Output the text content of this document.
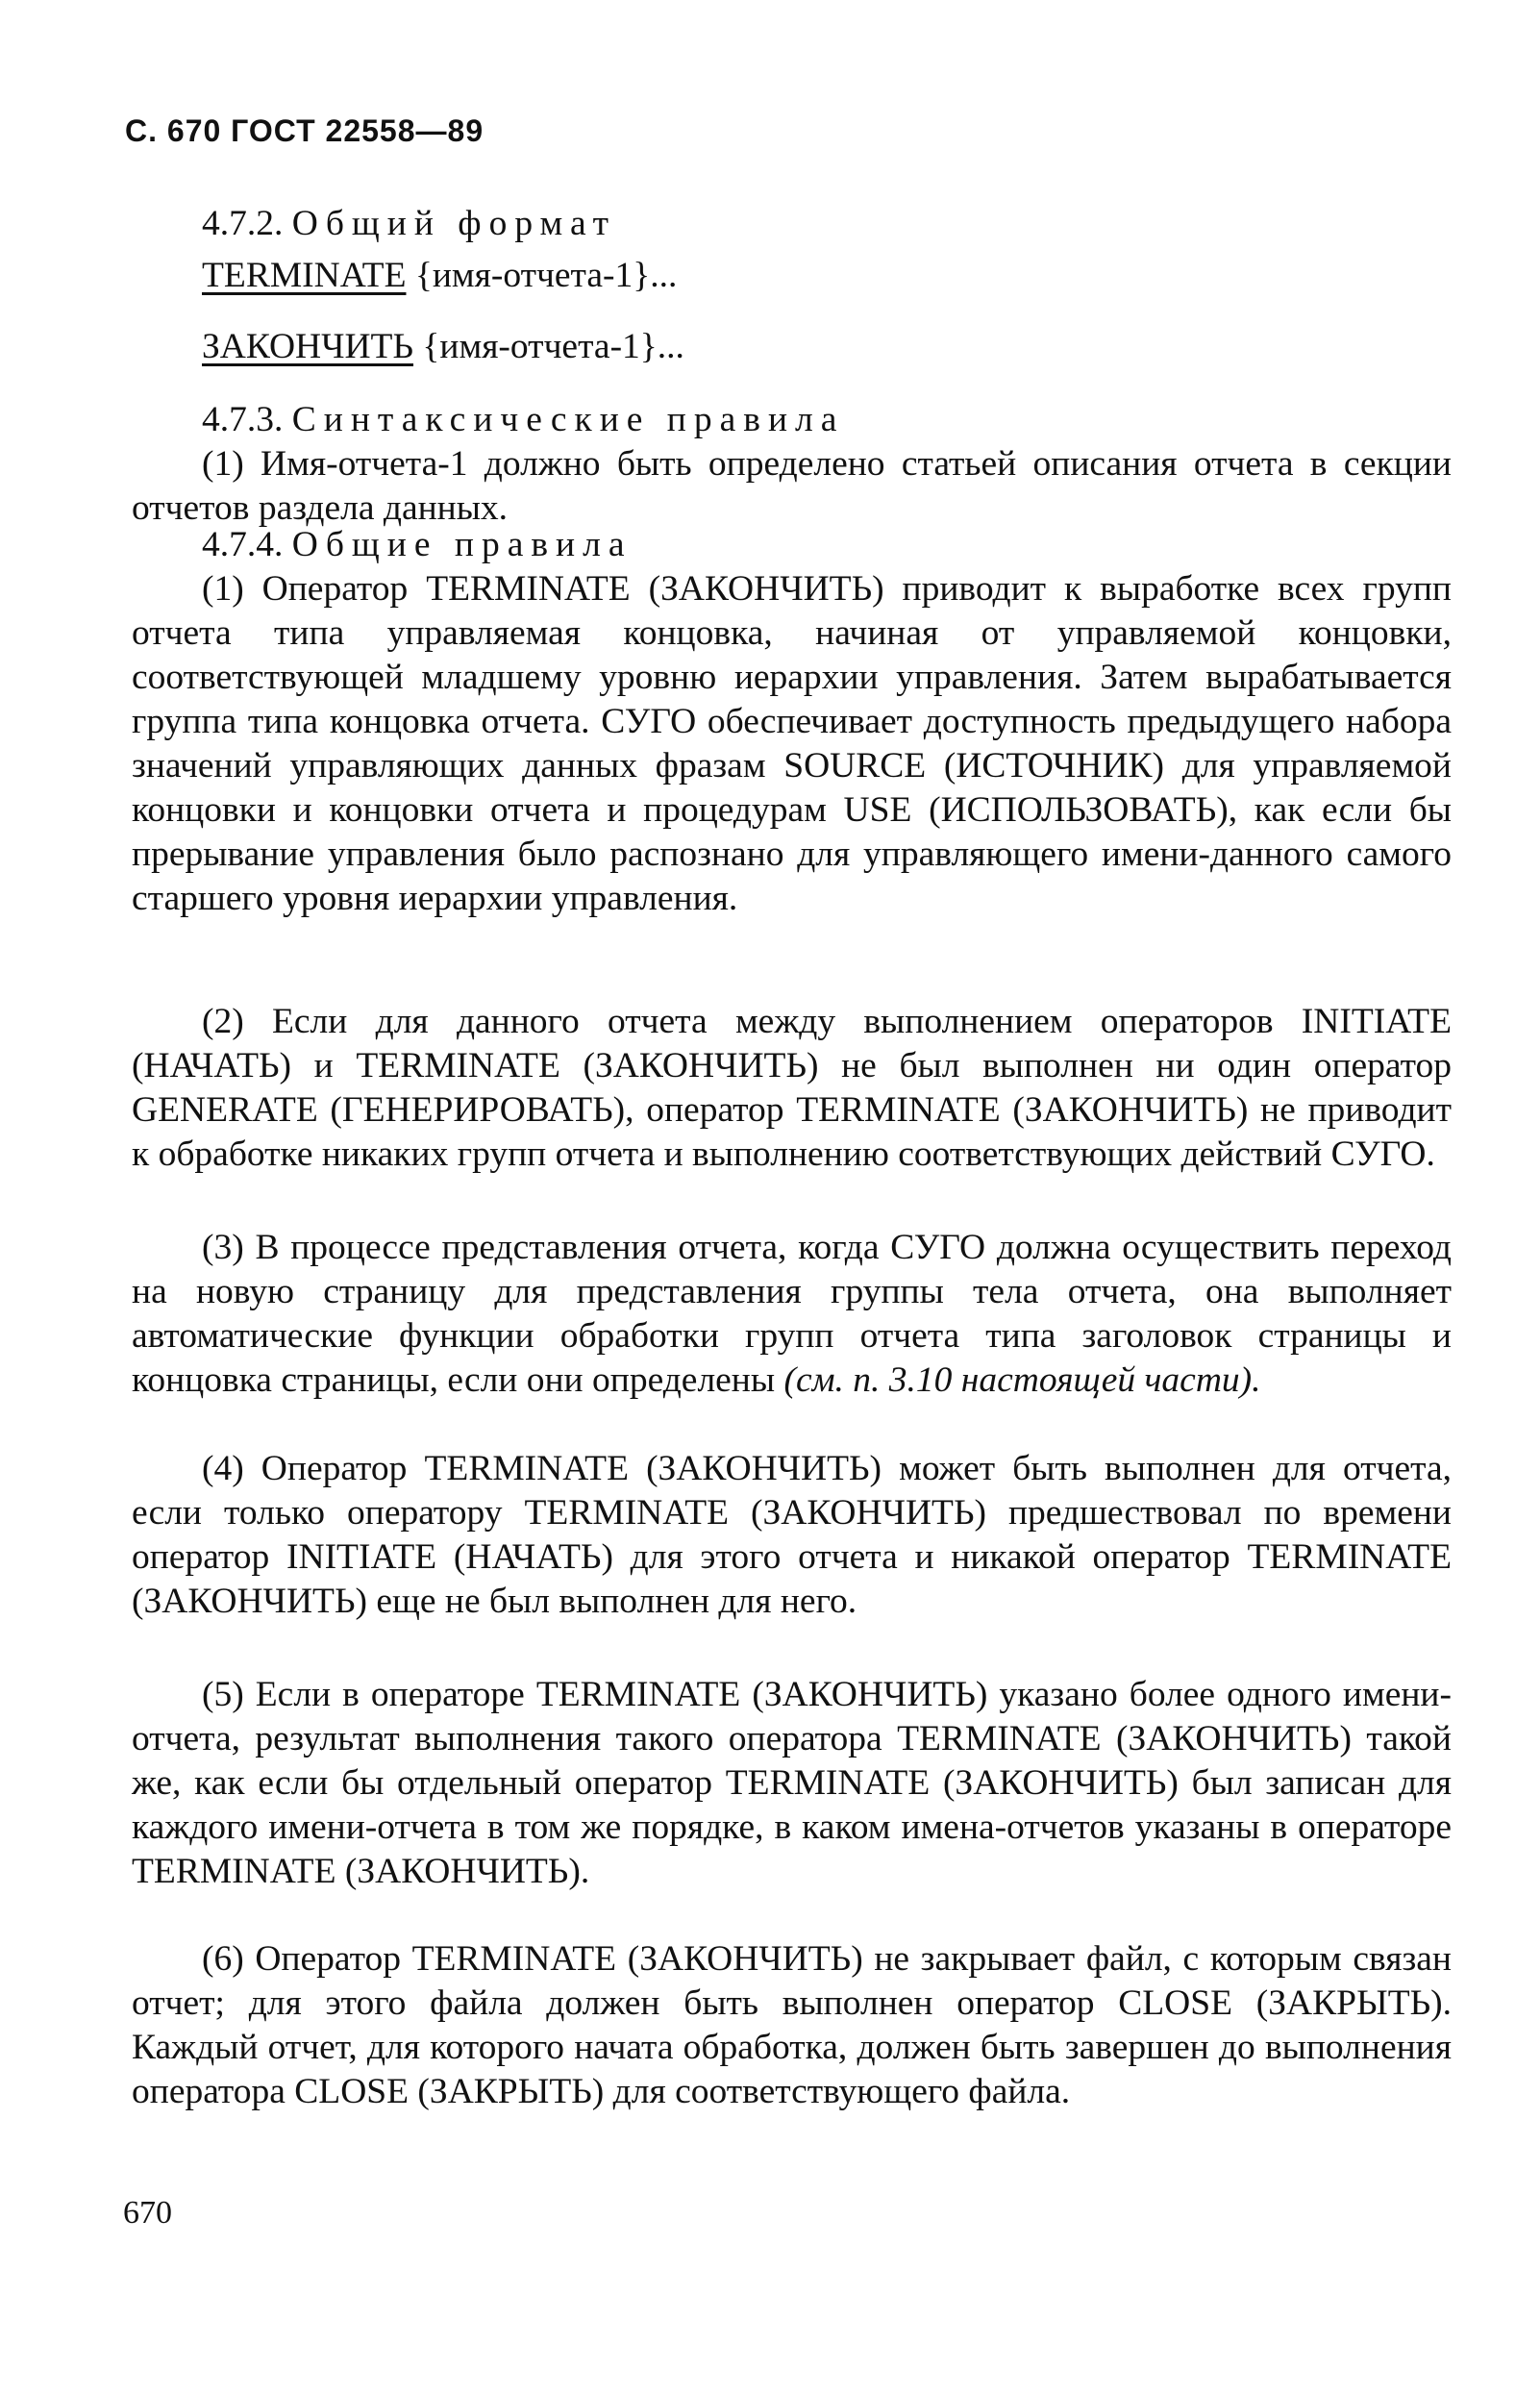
С. 670 ГОСТ 22558—89

4.7.2. Общий формат

TERMINATE {имя-отчета-1}...
ЗАКОНЧИТЬ {имя-отчета-1}...

4.7.3. Синтаксические правила

(1) Имя-отчета-1 должно быть определено статьей описания отчета в секции отчетов раздела данных.

4.7.4. Общие правила

(1) Оператор TERMINATE (ЗАКОНЧИТЬ) приводит к выработке всех групп отчета типа управляемая концовка, начиная от управляемой концовки, соответствующей младшему уровню иерархии управления. Затем вырабатывается группа типа концовка отчета. СУГО обеспечивает доступность предыдущего набора значений управляющих данных фразам SOURCE (ИСТОЧНИК) для управляемой концовки и концовки отчета и процедурам USE (ИСПОЛЬЗОВАТЬ), как если бы прерывание управления было распознано для управляющего имени-данного самого старшего уровня иерархии управления.

(2) Если для данного отчета между выполнением операторов INITIATE (НАЧАТЬ) и TERMINATE (ЗАКОНЧИТЬ) не был выполнен ни один оператор GENERATE (ГЕНЕРИРОВАТЬ), оператор TERMINATE (ЗАКОНЧИТЬ) не приводит к обработке никаких групп отчета и выполнению соответствующих действий СУГО.

(3) В процессе представления отчета, когда СУГО должна осуществить переход на новую страницу для представления группы тела отчета, она выполняет автоматические функции обработки групп отчета типа заголовок страницы и концовка страницы, если они определены (см. п. 3.10 настоящей части).

(4) Оператор TERMINATE (ЗАКОНЧИТЬ) может быть выполнен для отчета, если только оператору TERMINATE (ЗАКОНЧИТЬ) предшествовал по времени оператор INITIATE (НАЧАТЬ) для этого отчета и никакой оператор TERMINATE (ЗАКОНЧИТЬ) еще не был выполнен для него.

(5) Если в операторе TERMINATE (ЗАКОНЧИТЬ) указано более одного имени-отчета, результат выполнения такого оператора TERMINATE (ЗАКОНЧИТЬ) такой же, как если бы отдельный оператор TERMINATE (ЗАКОНЧИТЬ) был записан для каждого имени-отчета в том же порядке, в каком имена-отчетов указаны в операторе TERMINATE (ЗАКОНЧИТЬ).

(6) Оператор TERMINATE (ЗАКОНЧИТЬ) не закрывает файл, с которым связан отчет; для этого файла должен быть выполнен оператор CLOSE (ЗАКРЫТЬ). Каждый отчет, для которого начата обработка, должен быть завершен до выполнения оператора CLOSE (ЗАКРЫТЬ) для соответствующего файла.

670
